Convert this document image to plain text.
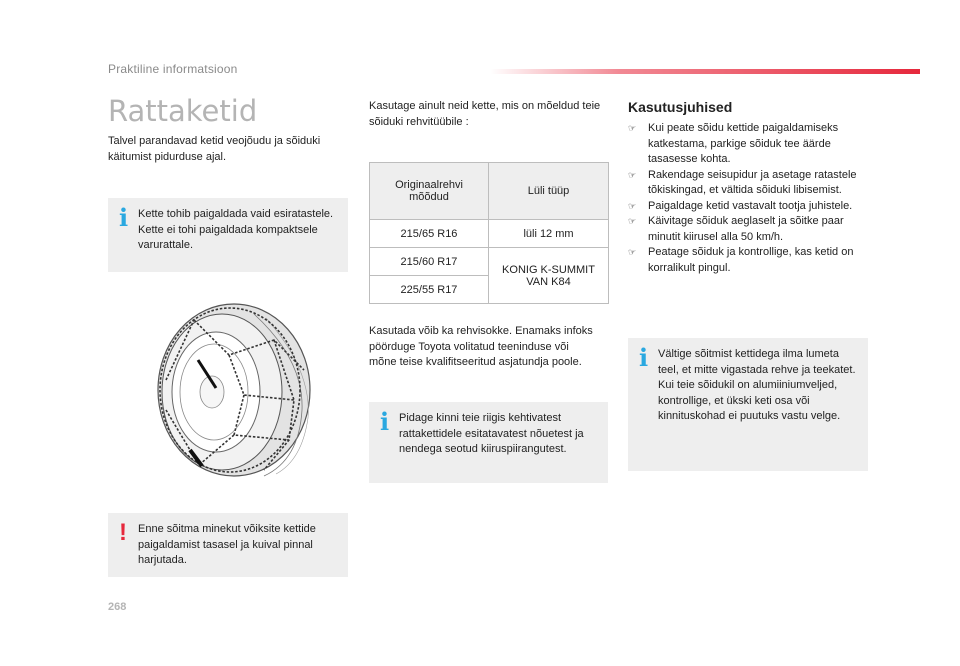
Praktiline informatsioon
Rattaketid
Talvel parandavad ketid veojõudu ja sõiduki käitumist pidurduse ajal.
i Kette tohib paigaldada vaid esiratastele. Kette ei tohi paigaldada kompaktsele varurattale.
! Enne sõitma minekut võiksite kettide paigaldamist tasasel ja kuival pinnal harjutada.
268
Kasutage ainult neid kette, mis on mõeldud teie sõiduki rehvitüübile :
Originaalrehvi mõõdud	Lüli tüüp
215/65 R16	lüli 12 mm
215/60 R17	KONIG K-SUMMIT VAN K84
225/55 R17	
Kasutada võib ka rehvisokke. Enamaks infoks pöörduge Toyota volitatud teeninduse või mõne teise kvalifitseeritud asjatundja poole.
i Pidage kinni teie riigis kehtivatest rattakettidele esitatavatest nõuetest ja nendega seotud kiiruspiirangutest.
Kasutusjuhised
☞ Kui peate sõidu kettide paigaldamiseks katkestama, parkige sõiduk tee äärde tasasesse kohta.
☞ Rakendage seisupidur ja asetage ratastele tõkiskingad, et vältida sõiduki libisemist.
☞ Paigaldage ketid vastavalt tootja juhistele.
☞ Käivitage sõiduk aeglaselt ja sõitke paar minutit kiirusel alla 50 km/h.
☞ Peatage sõiduk ja kontrollige, kas ketid on korralikult pingul.
i Vältige sõitmist kettidega ilma lumeta teel, et mitte vigastada rehve ja teekatet. Kui teie sõidukil on alumiiniumveljed, kontrollige, et ükski keti osa või kinnituskohad ei puutuks vastu velge.
